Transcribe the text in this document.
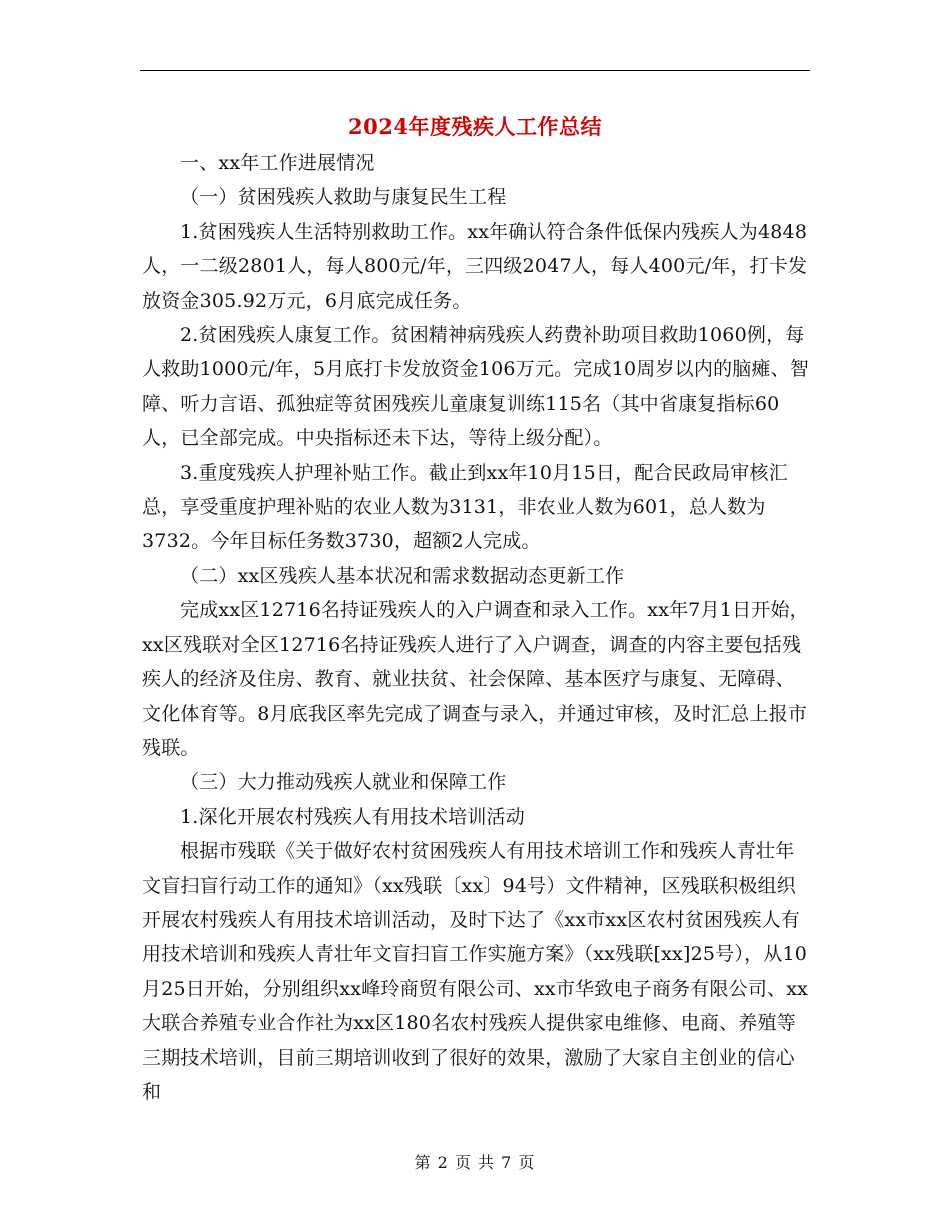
2024年度残疾人工作总结

一、xx年工作进展情况

（一）贫困残疾人救助与康复民生工程

1.贫困残疾人生活特别救助工作。xx年确认符合条件低保内残疾人为4848人，一二级2801人，每人800元/年，三四级2047人，每人400元/年，打卡发放资金305.92万元，6月底完成任务。

2.贫困残疾人康复工作。贫困精神病残疾人药费补助项目救助1060例，每人救助1000元/年，5月底打卡发放资金106万元。完成10周岁以内的脑瘫、智障、听力言语、孤独症等贫困残疾儿童康复训练115名（其中省康复指标60人，已全部完成。中央指标还未下达，等待上级分配）。

3.重度残疾人护理补贴工作。截止到xx年10月15日，配合民政局审核汇总，享受重度护理补贴的农业人数为3131，非农业人数为601，总人数为3732。今年目标任务数3730，超额2人完成。

（二）xx区残疾人基本状况和需求数据动态更新工作

完成xx区12716名持证残疾人的入户调查和录入工作。xx年7月1日开始，xx区残联对全区12716名持证残疾人进行了入户调查，调查的内容主要包括残疾人的经济及住房、教育、就业扶贫、社会保障、基本医疗与康复、无障碍、文化体育等。8月底我区率先完成了调查与录入，并通过审核，及时汇总上报市残联。

（三）大力推动残疾人就业和保障工作

1.深化开展农村残疾人有用技术培训活动

根据市残联《关于做好农村贫困残疾人有用技术培训工作和残疾人青壮年文盲扫盲行动工作的通知》（xx残联〔xx〕94号）文件精神，区残联积极组织开展农村残疾人有用技术培训活动，及时下达了《xx市xx区农村贫困残疾人有用技术培训和残疾人青壮年文盲扫盲工作实施方案》（xx残联[xx]25号），从10月25日开始，分别组织xx峰玲商贸有限公司、xx市华致电子商务有限公司、xx大联合养殖专业合作社为xx区180名农村残疾人提供家电维修、电商、养殖等三期技术培训，目前三期培训收到了很好的效果，激励了大家自主创业的信心和

第 2 页 共 7 页
